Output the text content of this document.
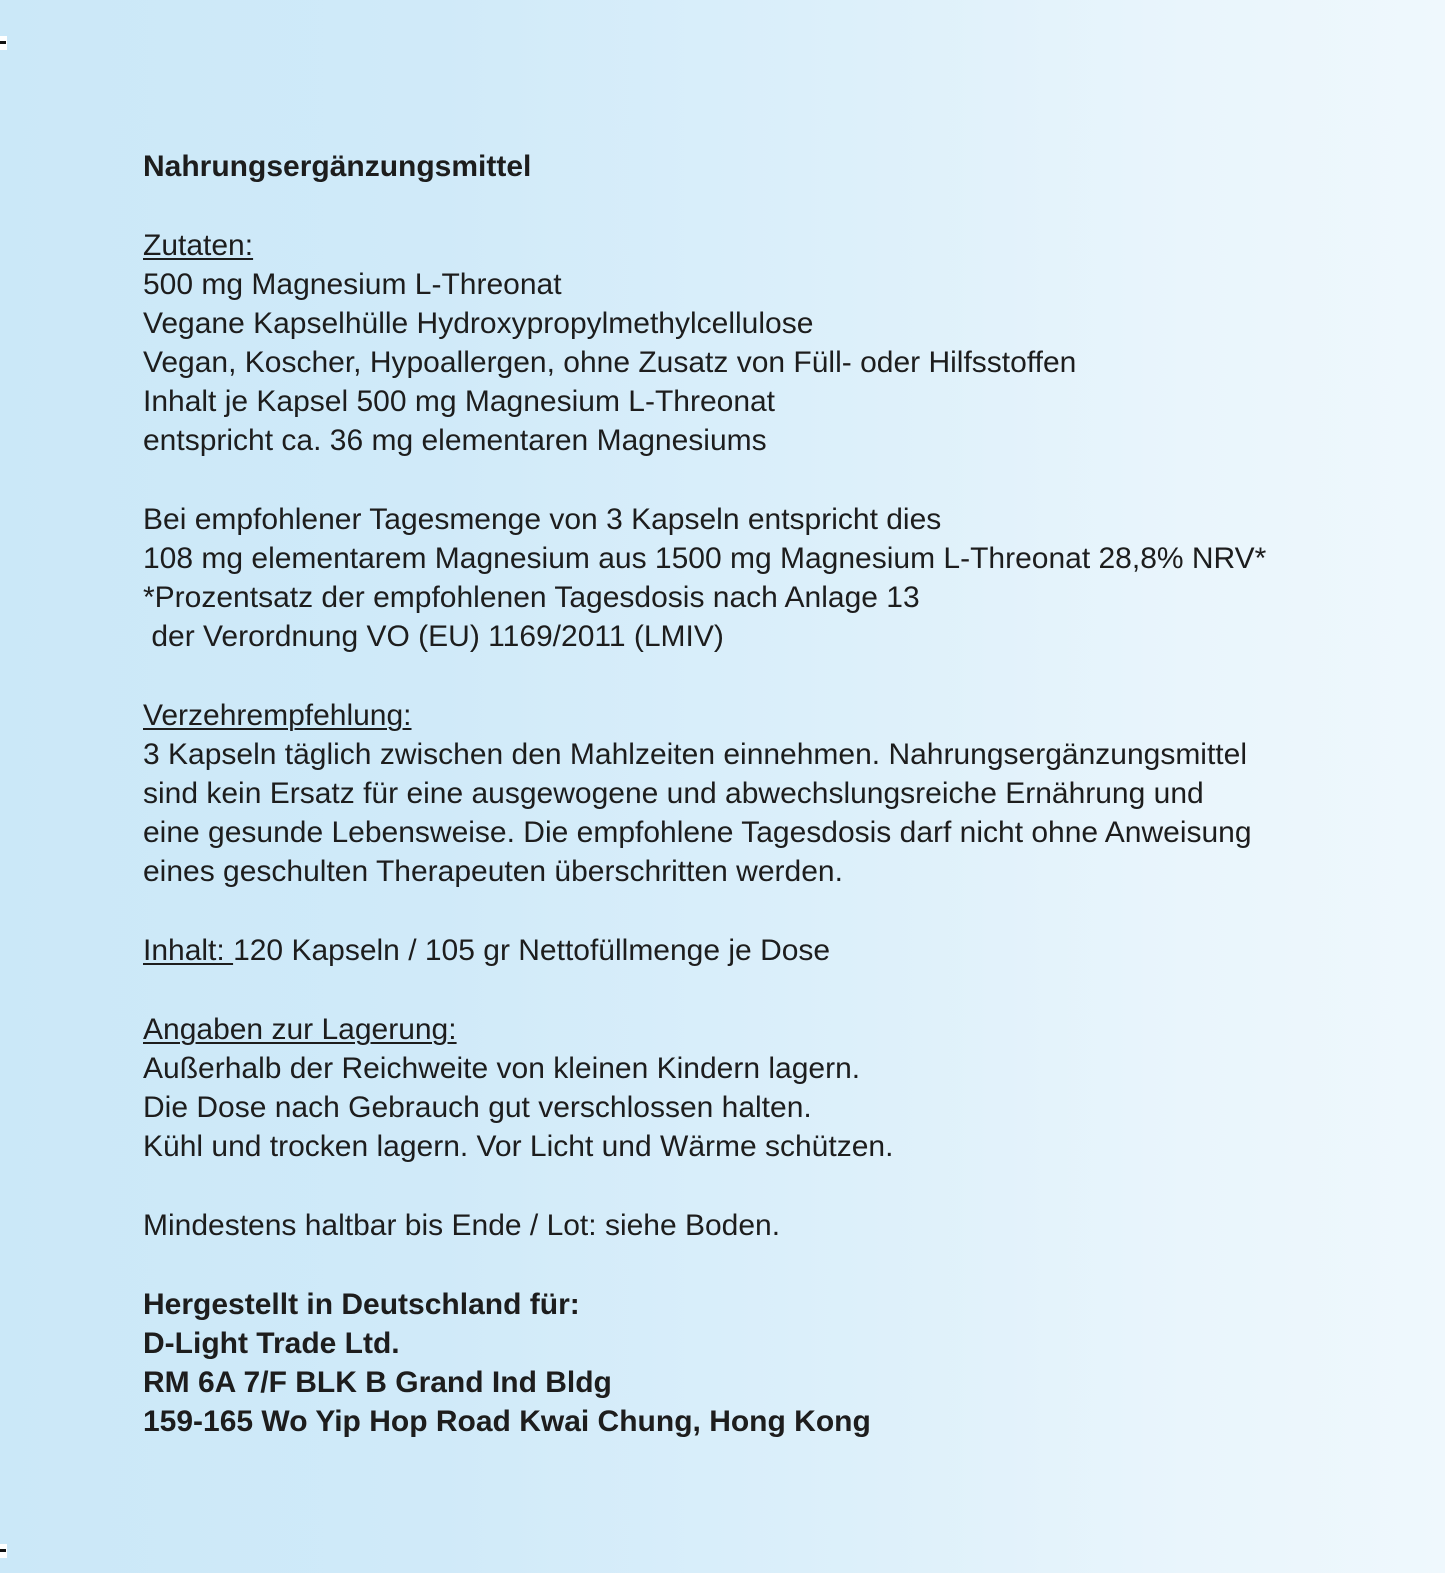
Nahrungsergänzungsmittel
Zutaten:
500 mg Magnesium L-Threonat
Vegane Kapselhülle Hydroxypropylmethylcellulose
Vegan, Koscher, Hypoallergen, ohne Zusatz von Füll- oder Hilfsstoffen
Inhalt je Kapsel 500 mg Magnesium L-Threonat
entspricht ca. 36 mg elementaren Magnesiums
Bei empfohlener Tagesmenge von 3 Kapseln entspricht dies
108 mg elementarem Magnesium aus 1500 mg Magnesium L-Threonat 28,8% NRV*
*Prozentsatz der empfohlenen Tagesdosis nach Anlage 13
der Verordnung VO (EU) 1169/2011 (LMIV)
Verzehrempfehlung:
3 Kapseln täglich zwischen den Mahlzeiten einnehmen. Nahrungsergänzungsmittel
sind kein Ersatz für eine ausgewogene und abwechslungsreiche Ernährung und
eine gesunde Lebensweise. Die empfohlene Tagesdosis darf nicht ohne Anweisung
eines geschulten Therapeuten überschritten werden.
Inhalt: 120 Kapseln / 105 gr Nettofüllmenge je Dose
Angaben zur Lagerung:
Außerhalb der Reichweite von kleinen Kindern lagern.
Die Dose nach Gebrauch gut verschlossen halten.
Kühl und trocken lagern. Vor Licht und Wärme schützen.
Mindestens haltbar bis Ende / Lot: siehe Boden.
Hergestellt in Deutschland für:
D-Light Trade Ltd.
RM 6A 7/F BLK B Grand Ind Bldg
159-165 Wo Yip Hop Road Kwai Chung, Hong Kong
